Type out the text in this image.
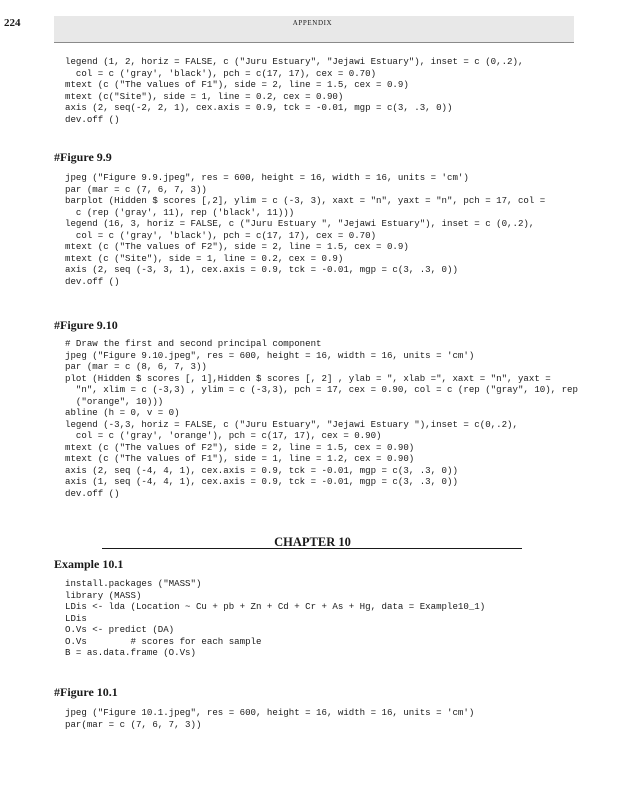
224	APPENDIX
legend (1, 2, horiz = FALSE, c ("Juru Estuary", "Jejawi Estuary"), inset = c (0,.2),
col = c ('gray', 'black'), pch = c(17, 17), cex = 0.70)
mtext (c ("The values of F1"), side = 2, line = 1.5, cex = 0.9)
mtext (c("Site"), side = 1, line = 0.2, cex = 0.90)
axis (2, seq(-2, 2, 1), cex.axis = 0.9, tck = -0.01, mgp = c(3, .3, 0))
dev.off ()
#Figure 9.9
jpeg ("Figure 9.9.jpeg", res = 600, height = 16, width = 16, units = 'cm')
par (mar = c (7, 6, 7, 3))
barplot (Hidden $ scores [,2], ylim = c (-3, 3), xaxt = "n", yaxt = "n", pch = 17, col =
c (rep ('gray', 11), rep ('black', 11)))
legend (16, 3, horiz = FALSE, c ("Juru Estuary ", "Jejawi Estuary"), inset = c (0,.2),
col = c ('gray', 'black'), pch = c(17, 17), cex = 0.70)
mtext (c ("The values of F2"), side = 2, line = 1.5, cex = 0.9)
mtext (c ("Site"), side = 1, line = 0.2, cex = 0.9)
axis (2, seq (-3, 3, 1), cex.axis = 0.9, tck = -0.01, mgp = c(3, .3, 0))
dev.off ()
#Figure 9.10
# Draw the first and second principal component
jpeg ("Figure 9.10.jpeg", res = 600, height = 16, width = 16, units = 'cm')
par (mar = c (8, 6, 7, 3))
plot (Hidden $ scores [, 1],Hidden $ scores [, 2] , ylab = ", xlab =", xaxt = "n", yaxt =
"n", xlim = c (-3,3) , ylim = c (-3,3), pch = 17, cex = 0.90, col = c (rep ("gray", 10), rep
("orange", 10)))
abline (h = 0, v = 0)
legend (-3,3, horiz = FALSE, c ("Juru Estuary", "Jejawi Estuary "),inset = c(0,.2),
col = c ('gray', 'orange'), pch = c(17, 17), cex = 0.90)
mtext (c ("The values of F2"), side = 2, line = 1.5, cex = 0.90)
mtext (c ("The values of F1"), side = 1, line = 1.2, cex = 0.90)
axis (2, seq (-4, 4, 1), cex.axis = 0.9, tck = -0.01, mgp = c(3, .3, 0))
axis (1, seq (-4, 4, 1), cex.axis = 0.9, tck = -0.01, mgp = c(3, .3, 0))
dev.off ()
CHAPTER 10
Example 10.1
install.packages ("MASS")
library (MASS)
LDis <- lda (Location ~ Cu + pb + Zn + Cd + Cr + As + Hg, data = Example10_1)
LDis
O.Vs <- predict (DA)
O.Vs        # scores for each sample
B = as.data.frame (O.Vs)
#Figure 10.1
jpeg ("Figure 10.1.jpeg", res = 600, height = 16, width = 16, units = 'cm')
par(mar = c (7, 6, 7, 3))
